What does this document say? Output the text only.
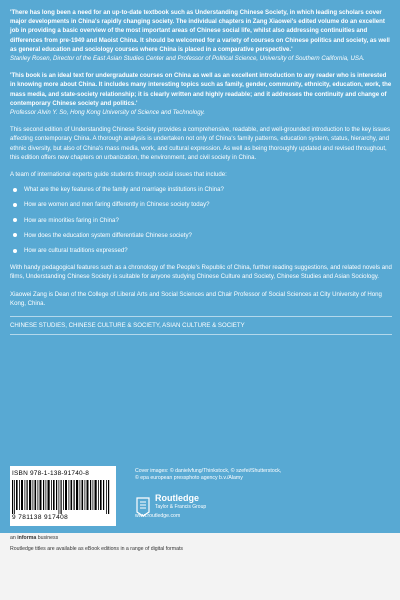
'There has long been a need for an up-to-date textbook such as Understanding Chinese Society, in which leading scholars cover major developments in China's rapidly changing society. The individual chapters in Zang Xiaowei's edited volume do an excellent job in providing a basic overview of the most important areas of Chinese social life, whilst also addressing continuities and differences from pre-1949 and Maoist China. It should be welcomed for a variety of courses on Chinese politics and society, as well as general education and sociology courses where China is placed in a comparative perspective.'

Stanley Rosen, Director of the East Asian Studies Center and Professor of Political Science, University of Southern California, USA.

'This book is an ideal text for undergraduate courses on China as well as an excellent introduction to any reader who is interested in knowing more about China. It includes many interesting topics such as family, gender, community, ethnicity, education, work, the mass media, and state-society relationship; it is clearly written and highly readable; and it addresses the continuity and change of contemporary Chinese society and politics.'

Professor Alvin Y. So, Hong Kong University of Science and Technology.

This second edition of Understanding Chinese Society provides a comprehensive, readable, and well-grounded introduction to the key issues affecting contemporary China. A thorough analysis is undertaken not only of China's family patterns, education system, status, hierarchy, and ethnic diversity, but also of China's mass media, work, and cultural expression. As well as being thoroughly updated and revised throughout, this edition offers new chapters on urbanization, the environment, and civil society in China.

A team of international experts guide students through social issues that include:

What are the key features of the family and marriage institutions in China?
How are women and men faring differently in Chinese society today?
How are minorities faring in China?
How does the education system differentiate Chinese society?
How are cultural traditions expressed?

With handy pedagogical features such as a chronology of the People's Republic of China, further reading suggestions, and related novels and films, Understanding Chinese Society is suitable for anyone studying Chinese Culture and Society, Chinese Studies and Asian Sociology.

Xiaowei Zang is Dean of the College of Liberal Arts and Social Sciences and Chair Professor of Social Sciences at City University of Hong Kong, China.

CHINESE STUDIES, CHINESE CULTURE & SOCIETY, ASIAN CULTURE & SOCIETY
ISBN 978-1-138-91740-8
9 781138 917408
Cover images: © danielvfung/Thinkstock, © szefei/Shutterstock,
© epa european pressphoto agency b.v./Alamy
Routledge
Taylor & Francis Group
www.routledge.com
an informa business
Routledge titles are available as eBook editions in a range of digital formats
